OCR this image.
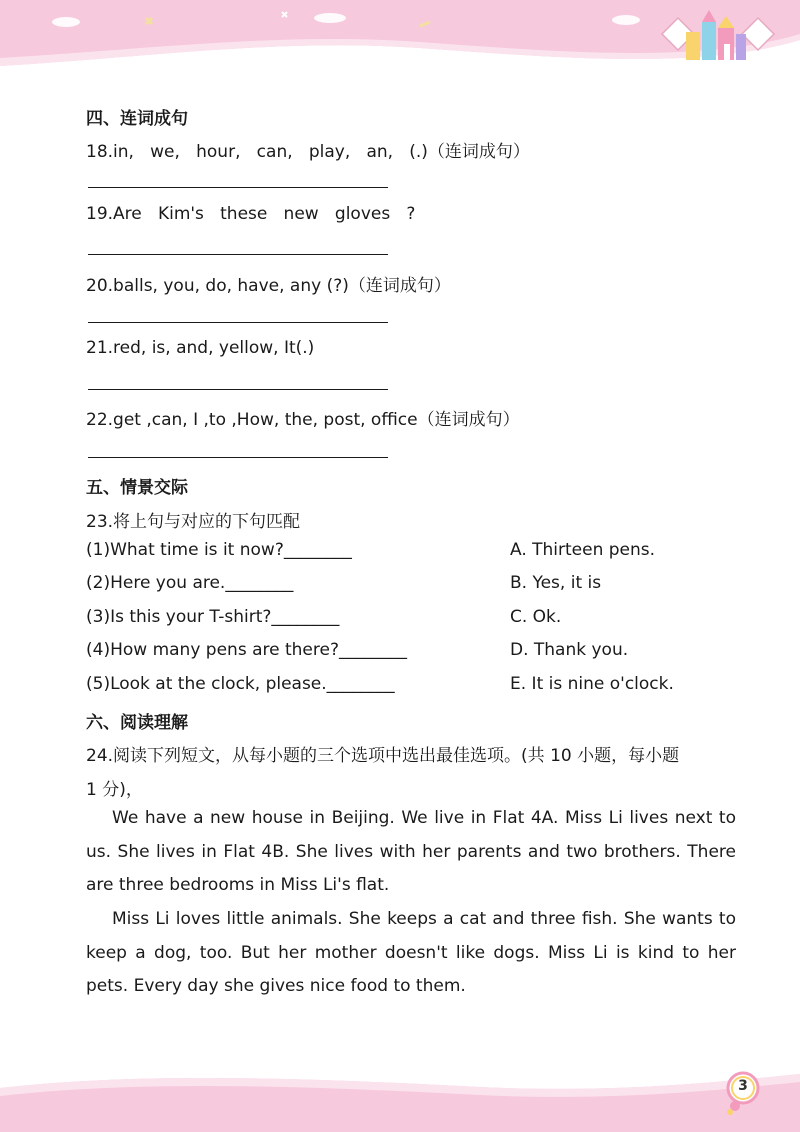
四、连词成句
18.in,   we,   hour,   can,   play,   an,   (.)（连词成句）
19.Are   Kim's   these   new   gloves   ?
20.balls, you, do, have, any (?)（连词成句）
21.red, is, and, yellow, It(.)
22.get ,can, I ,to ,How, the, post, office（连词成句）
五、情景交际
23.将上句与对应的下句匹配
(1)What time is it now?________	A. Thirteen pens.
(2)Here you are.________	B. Yes, it is
(3)Is this your T-shirt?________	C. Ok.
(4)How many pens are there?________	D. Thank you.
(5)Look at the clock, please.________	E. It is nine o'clock.
六、阅读理解
24.阅读下列短文，从每小题的三个选项中选出最佳选项。(共 10 小题，每小题
1 分)，
We have a new house in Beijing. We live in Flat 4A. Miss Li lives next to us. She lives in Flat 4B. She lives with her parents and two brothers. There are three bedrooms in Miss Li's flat.
Miss Li loves little animals. She keeps a cat and three fish. She wants to keep a dog, too. But her mother doesn't like dogs. Miss Li is kind to her pets. Every day she gives nice food to them.
3
